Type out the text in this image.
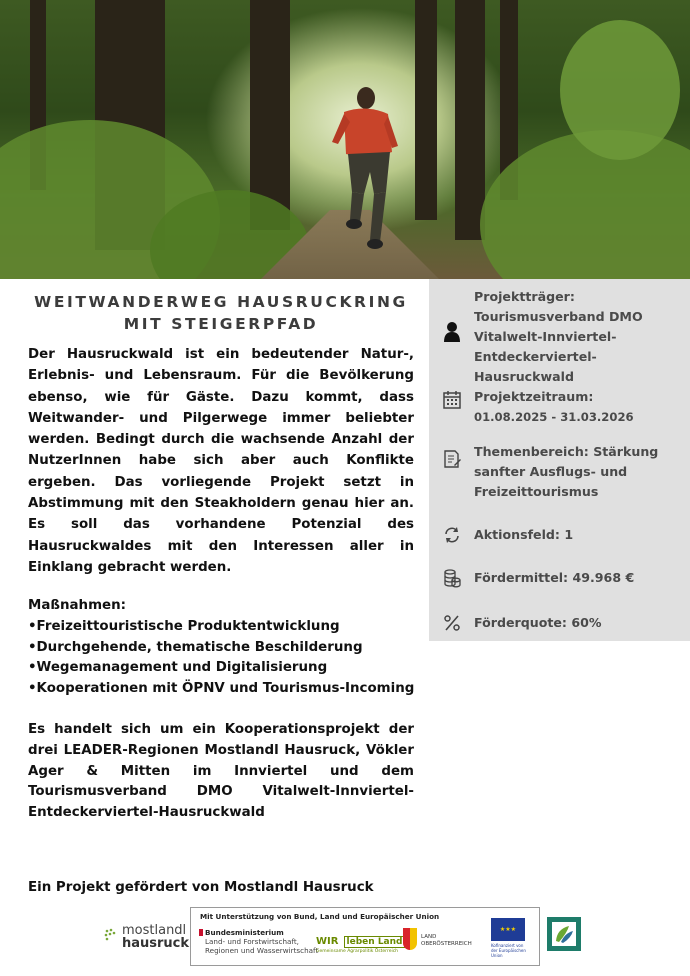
WEITWANDERWEG HAUSRUCKRING
MIT STEIGERPFAD
Der Hausruckwald ist ein bedeutender Natur-, Erlebnis- und Lebensraum. Für die Bevölkerung ebenso, wie für Gäste. Dazu kommt, dass Weitwander- und Pilgerwege immer beliebter werden. Bedingt durch die wachsende Anzahl der NutzerInnen habe sich aber auch Konflikte ergeben. Das vorliegende Projekt setzt in Abstimmung mit den Steakholdern genau hier an. Es soll das vorhandene Potenzial des Hausruckwaldes mit den Interessen aller in Einklang gebracht werden.
Maßnahmen:
•Freizeittouristische Produktentwicklung
•Durchgehende, thematische Beschilderung
•Wegemanagement und Digitalisierung
•Kooperationen mit ÖPNV und Tourismus-Incoming
Es handelt sich um ein Kooperationsprojekt der drei LEADER-Regionen Mostlandl Hausruck, Vökler Ager & Mitten im Innviertel und dem Tourismusverband DMO Vitalwelt-Innviertel-Entdeckerviertel-Hausruckwald
Ein Projekt gefördert von Mostlandl Hausruck
Projektträger:
Tourismusverband DMO Vitalwelt-Innviertel-Entdeckerviertel-Hausruckwald
Projektzeitraum:
01.08.2025 - 31.03.2026
Themenbereich: Stärkung sanfter Ausflugs- und Freizeittourismus
Aktionsfeld: 1
Fördermittel: 49.968 €
Förderquote: 60%
mostlandl
hausruck
Mit Unterstützung von Bund, Land und Europäischer Union
Bundesministerium
Land- und Forstwirtschaft,
Regionen und Wasserwirtschaft
WIR leben Land
Gemeinsame Agrarpolitik Österreich
LAND
OBERÖSTERREICH
★★★
Kofinanziert von der Europäischen Union
